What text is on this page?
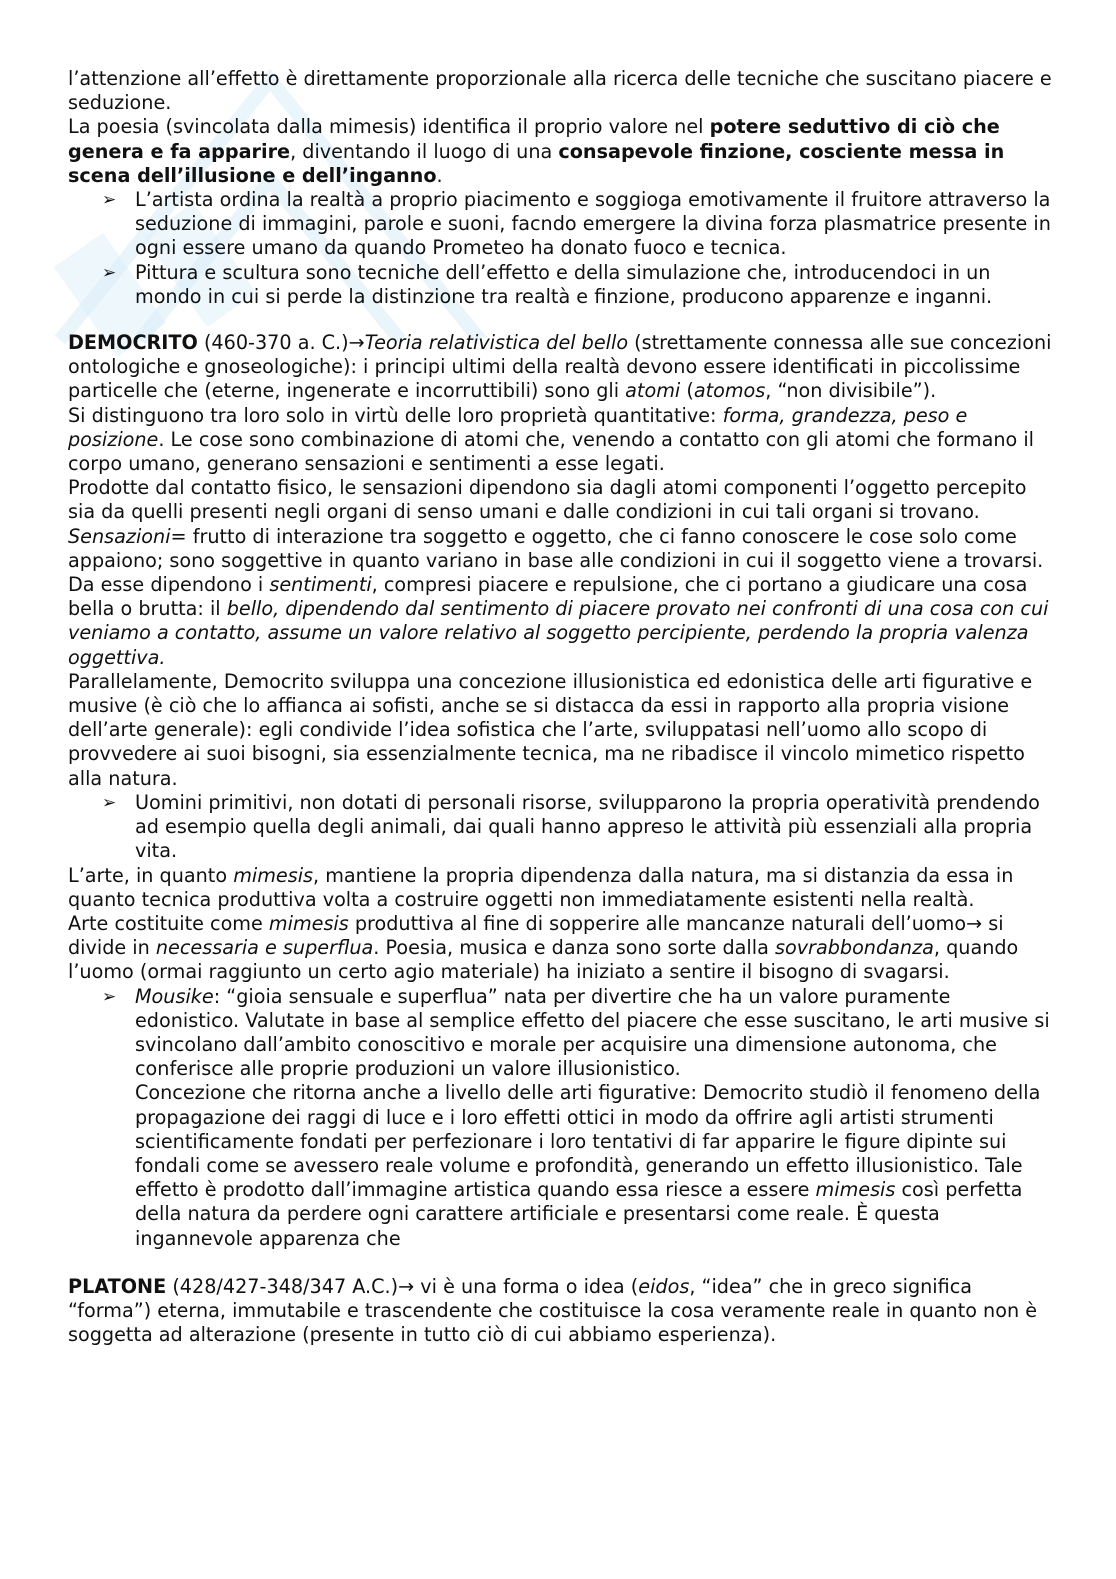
l’attenzione all’effetto è direttamente proporzionale alla ricerca delle tecniche che suscitano piacere e seduzione.

La poesia (svincolata dalla mimesis) identifica il proprio valore nel potere seduttivo di ciò che genera e fa apparire, diventando il luogo di una consapevole finzione, cosciente messa in scena dell’illusione e dell’inganno.

➢ L’artista ordina la realtà a proprio piacimento e soggioga emotivamente il fruitore attraverso la seduzione di immagini, parole e suoni, facndo emergere la divina forza plasmatrice presente in ogni essere umano da quando Prometeo ha donato fuoco e tecnica.
➢ Pittura e scultura sono tecniche dell’effetto e della simulazione che, introducendoci in un mondo in cui si perde la distinzione tra realtà e finzione, producono apparenze e inganni.

DEMOCRITO (460-370 a. C.)→Teoria relativistica del bello (strettamente connessa alle sue concezioni ontologiche e gnoseologiche): i principi ultimi della realtà devono essere identificati in piccolissime particelle che (eterne, ingenerate e incorruttibili) sono gli atomi (atomos, “non divisibile”).

Si distinguono tra loro solo in virtù delle loro proprietà quantitative: forma, grandezza, peso e posizione. Le cose sono combinazione di atomi che, venendo a contatto con gli atomi che formano il corpo umano, generano sensazioni e sentimenti a esse legati.

Prodotte dal contatto fisico, le sensazioni dipendono sia dagli atomi componenti l’oggetto percepito sia da quelli presenti negli organi di senso umani e dalle condizioni in cui tali organi si trovano.

Sensazioni= frutto di interazione tra soggetto e oggetto, che ci fanno conoscere le cose solo come appaiono; sono soggettive in quanto variano in base alle condizioni in cui il soggetto viene a trovarsi. Da esse dipendono i sentimenti, compresi piacere e repulsione, che ci portano a giudicare una cosa bella o brutta: il bello, dipendendo dal sentimento di piacere provato nei confronti di una cosa con cui veniamo a contatto, assume un valore relativo al soggetto percipiente, perdendo la propria valenza oggettiva.

Parallelamente, Democrito sviluppa una concezione illusionistica ed edonistica delle arti figurative e musive (è ciò che lo affianca ai sofisti, anche se si distacca da essi in rapporto alla propria visione dell’arte generale): egli condivide l’idea sofistica che l’arte, sviluppatasi nell’uomo allo scopo di provvedere ai suoi bisogni, sia essenzialmente tecnica, ma ne ribadisce il vincolo mimetico rispetto alla natura.

➢ Uomini primitivi, non dotati di personali risorse, svilupparono la propria operatività prendendo ad esempio quella degli animali, dai quali hanno appreso le attività più essenziali alla propria vita.

L’arte, in quanto mimesis, mantiene la propria dipendenza dalla natura, ma si distanzia da essa in quanto tecnica produttiva volta a costruire oggetti non immediatamente esistenti nella realtà.

Arte costituite come mimesis produttiva al fine di sopperire alle mancanze naturali dell’uomo→ si divide in necessaria e superflua. Poesia, musica e danza sono sorte dalla sovrabbondanza, quando l’uomo (ormai raggiunto un certo agio materiale) ha iniziato a sentire il bisogno di svagarsi.

➢ Mousike: “gioia sensuale e superflua” nata per divertire che ha un valore puramente edonistico. Valutate in base al semplice effetto del piacere che esse suscitano, le arti musive si svincolano dall’ambito conoscitivo e morale per acquisire una dimensione autonoma, che conferisce alle proprie produzioni un valore illusionistico.
Concezione che ritorna anche a livello delle arti figurative: Democrito studiò il fenomeno della propagazione dei raggi di luce e i loro effetti ottici in modo da offrire agli artisti strumenti scientificamente fondati per perfezionare i loro tentativi di far apparire le figure dipinte sui fondali come se avessero reale volume e profondità, generando un effetto illusionistico. Tale effetto è prodotto dall’immagine artistica quando essa riesce a essere mimesis così perfetta della natura da perdere ogni carattere artificiale e presentarsi come reale. È questa ingannevole apparenza che

PLATONE (428/427-348/347 A.C.)→ vi è una forma o idea (eidos, “idea” che in greco significa “forma”) eterna, immutabile e trascendente che costituisce la cosa veramente reale in quanto non è soggetta ad alterazione (presente in tutto ciò di cui abbiamo esperienza).
